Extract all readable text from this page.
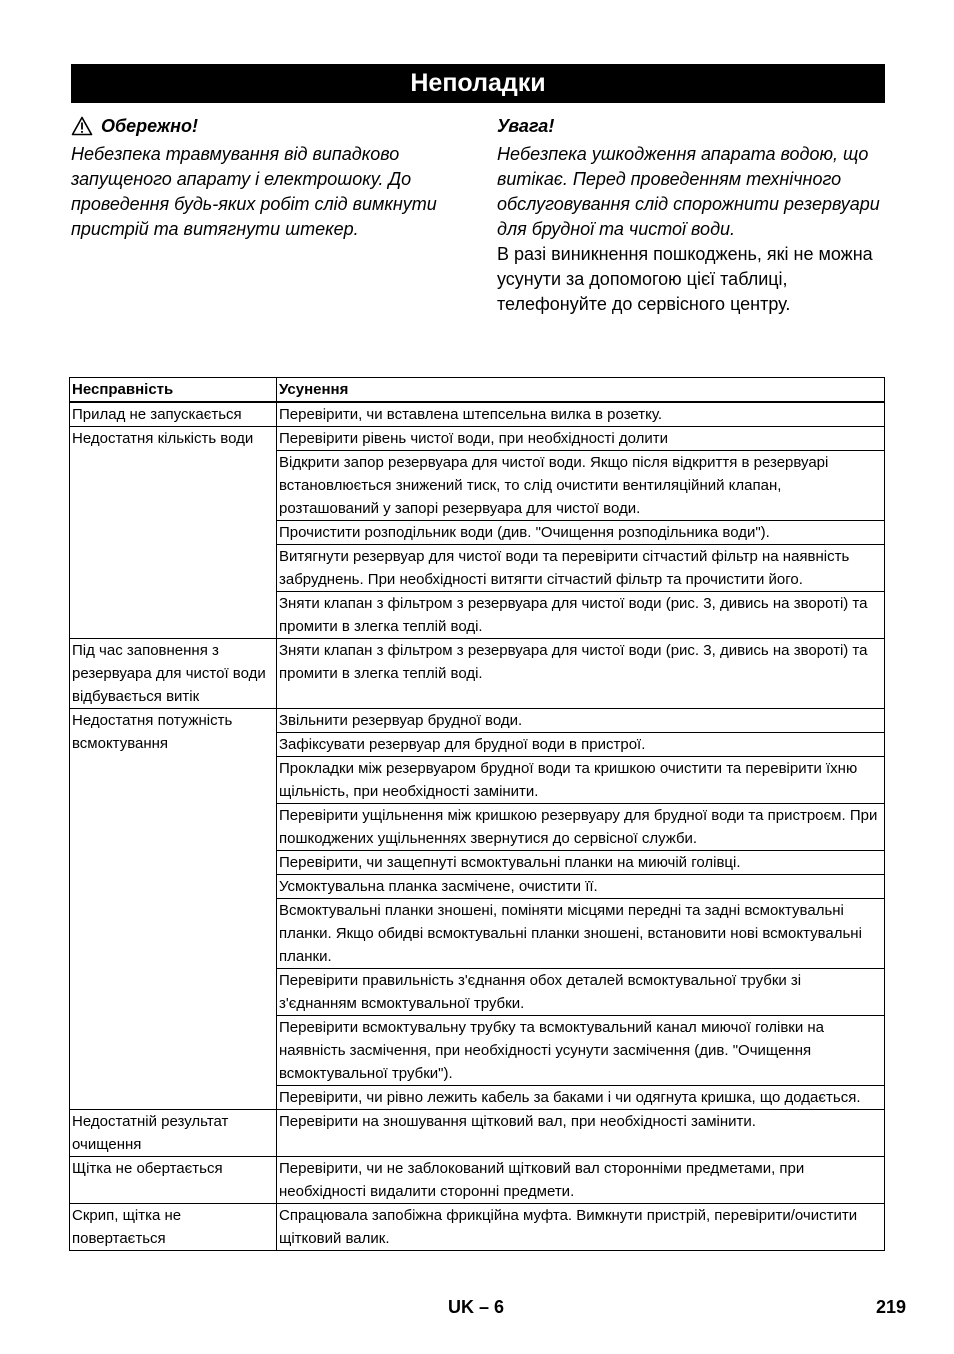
Неполадки
Обережно!
Небезпека травмування від випадково запущеного апарату і електрошоку. До проведення будь-яких робіт слід вимкнути пристрій та витягнути штекер.
Увага!
Небезпека ушкодження апарата водою, що витікає. Перед проведенням технічного обслуговування слід спорожнити резервуари для брудної та чистої води.
В разі виникнення пошкоджень, які не можна усунути за допомогою цієї таблиці, телефонуйте до сервісного центру.
Несправність	Усунення
Прилад не запускається	Перевірити, чи вставлена штепсельна вилка в розетку.
Недостатня кількість води	Перевірити рівень чистої води, при необхідності долити
	Відкрити запор резервуара для чистої води. Якщо після відкриття в резервуарі встановлюється знижений тиск, то слід очистити вентиляційний клапан, розташований у запорі резервуара для чистої води.
	Прочистити розподільник води (див. "Очищення розподільника води").
	Витягнути резервуар для чистої води та перевірити сітчастий фільтр на наявність забруднень. При необхідності витягти сітчастий фільтр та прочистити його.
	Зняти клапан з фільтром з резервуара для чистої води (рис. 3, дивись на звороті) та промити в злегка теплій воді.
Під час заповнення з резервуара для чистої води відбувається витік	Зняти клапан з фільтром з резервуара для чистої води (рис. 3, дивись на звороті) та промити в злегка теплій воді.
Недостатня потужність всмоктування	Звільнити резервуар брудної води.
	Зафіксувати резервуар для брудної води в пристрої.
	Прокладки між резервуаром брудної води та кришкою очистити та перевірити їхню щільність, при необхідності замінити.
	Перевірити ущільнення між кришкою резервуару для брудної води та пристроєм. При пошкоджених ущільненнях звернутися до сервісної служби.
	Перевірити, чи защепнуті всмоктувальні планки на миючій голівці.
	Усмоктувальна планка засмічене, очистити її.
	Всмоктувальні планки зношені, поміняти місцями передні та задні всмоктувальні планки. Якщо обидві всмоктувальні планки зношені, встановити нові всмоктувальні планки.
	Перевірити правильність з'єднання обох деталей всмоктувальної трубки зі з'єднанням всмоктувальної трубки.
	Перевірити всмоктувальну трубку та всмоктувальний канал миючої голівки на наявність засмічення, при необхідності усунути засмічення (див. "Очищення всмоктувальної трубки").
	Перевірити, чи рівно лежить кабель за баками і чи одягнута кришка, що додається.
Недостатній результат очищення	Перевірити на зношування щітковий вал, при необхідності замінити.
Щітка не обертається	Перевірити, чи не заблокований щітковий вал сторонніми предметами, при необхідності видалити сторонні предмети.
Скрип, щітка не повертається	Спрацювала запобіжна фрикційна муфта. Вимкнути пристрій, перевірити/очистити щітковий валик.
UK – 6	219
